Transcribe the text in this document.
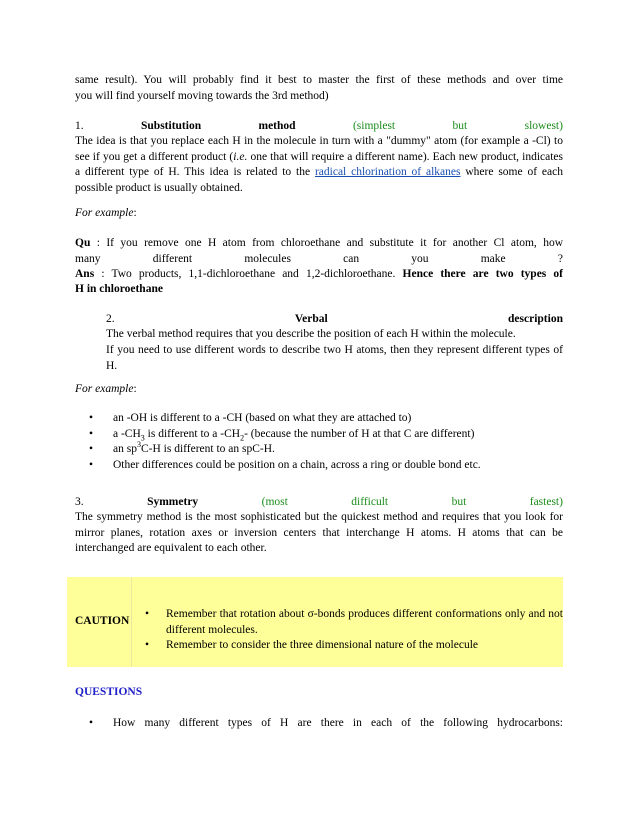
same result). You will probably find it best to master the first of these methods and over time

you will find yourself moving towards the 3rd method)

1.	Substitution	method	(simplest	but	slowest)

The idea is that you replace each H in the molecule in turn with a "dummy" atom (for example a -Cl) to see if you get a different product (i.e. one that will require a different name). Each new product, indicates a different type of H. This idea is related to the radical chlorination of alkanes where some of each possible product is usually obtained.

For example:

Qu : If you remove one H atom from chloroethane and substitute it for another Cl atom, how

many	different	molecules	can	you	make	?

Ans : Two products, 1,1-dichloroethane and 1,2-dichloroethane. Hence there are two types of

H in chloroethane

2.	Verbal	description

The verbal method requires that you describe the position of each H within the molecule.

If you need to use different words to describe two H atoms, then they represent different types of H.

For example:

• an -OH is different to a -CH (based on what they are attached to)
• a $-CH_3$ is different to a $-CH_2-$ (because the number of H at that C are different)
• an $sp^3C-H$ is different to an spC-H.
• Other differences could be position on a chain, across a ring or double bond etc.
3.	Symmetry	(most	difficult	but	fastest)

The symmetry method is the most sophisticated but the quickest method and requires that you look for mirror planes, rotation axes or inversion centers that interchange H atoms. H atoms that can be interchanged are equivalent to each other.

CAUTION
• Remember that rotation about σ-bonds produces different conformations only and not different molecules.
• Remember to consider the three dimensional nature of the molecule

QUESTIONS

• How many different types of H are there in each of the following hydrocarbons:
